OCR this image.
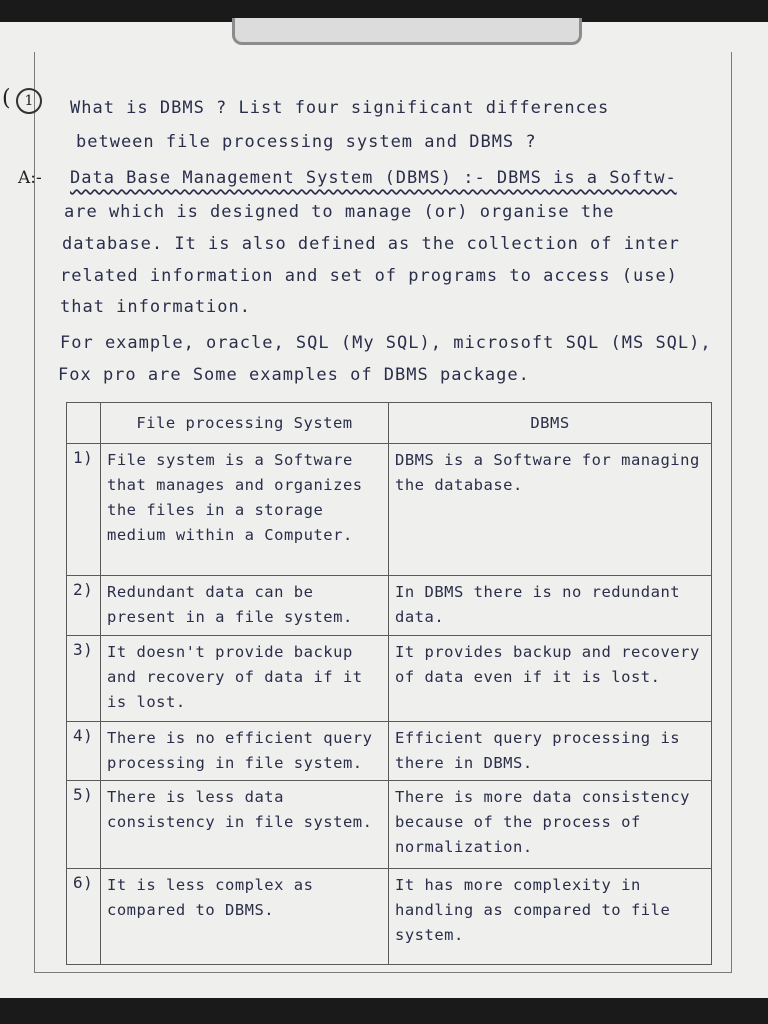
( 1	What is DBMS ? List four significant differences
between file processing system and DBMS ?
A:- Data Base Management System (DBMS) :- DBMS is a Softw-
are which is designed to manage (or) organise the
database. It is also defined as the collection of inter
related information and set of programs to access (use)
that information.
For example, oracle, SQL (My SQL), microsoft SQL (MS SQL),
Fox pro are Some examples of DBMS package.
	File processing System	DBMS
1)	File system is a Software that manages and organizes the files in a storage medium within a Computer.	DBMS is a Software for managing the database.
2)	Redundant data can be present in a file system.	In DBMS there is no redundant data.
3)	It doesn't provide backup and recovery of data if it is lost.	It provides backup and recovery of data even if it is lost.
4)	There is no efficient query processing in file system.	Efficient query processing is there in DBMS.
5)	There is less data consistency in file system.	There is more data consistency because of the process of normalization.
6)	It is less complex as compared to DBMS.	It has more complexity in handling as compared to file system.
